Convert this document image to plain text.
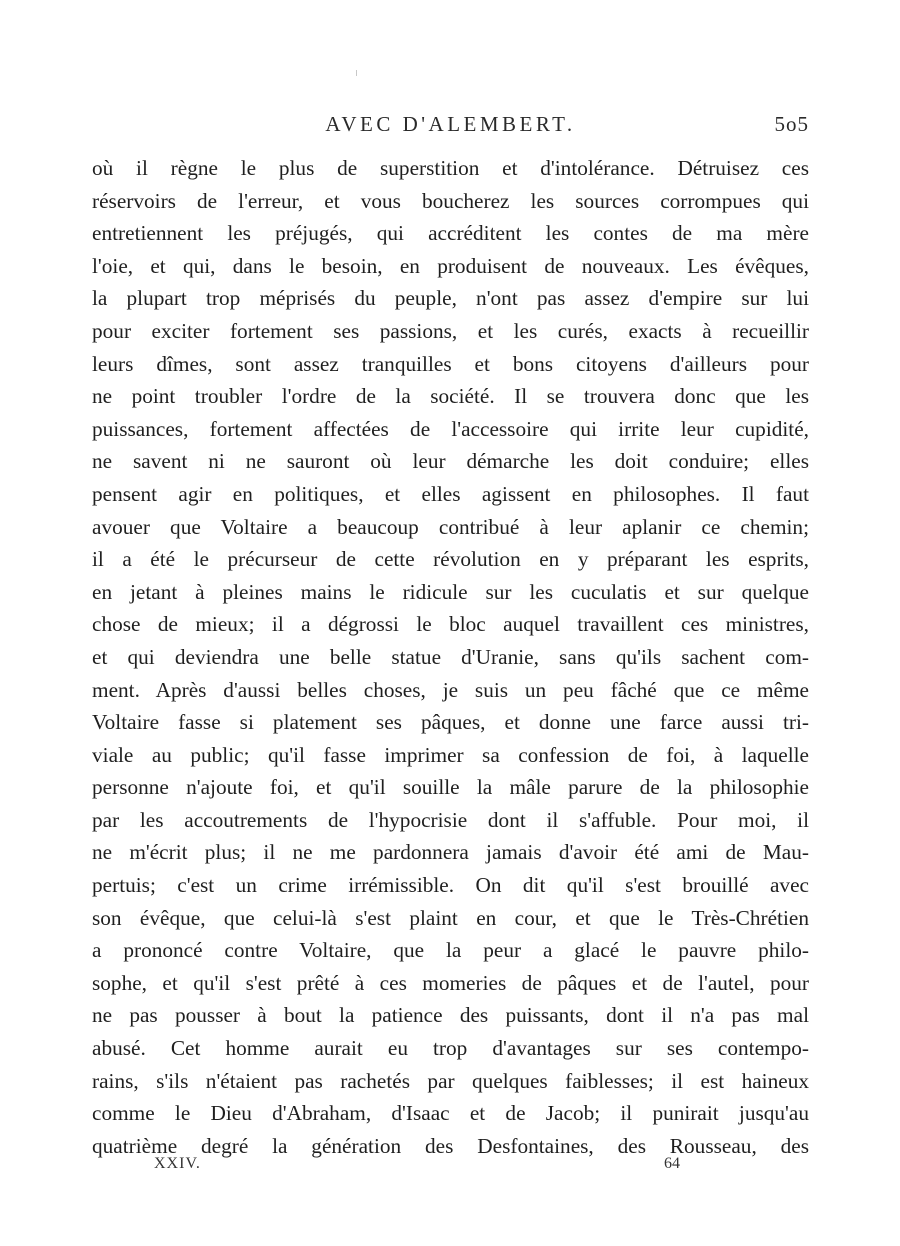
AVEC D'ALEMBERT.	5o5
où il règne le plus de superstition et d'intolérance. Détruisez ces
réservoirs de l'erreur, et vous boucherez les sources corrompues qui
entretiennent les préjugés, qui accréditent les contes de ma mère
l'oie, et qui, dans le besoin, en produisent de nouveaux. Les évêques,
la plupart trop méprisés du peuple, n'ont pas assez d'empire sur lui
pour exciter fortement ses passions, et les curés, exacts à recueillir
leurs dîmes, sont assez tranquilles et bons citoyens d'ailleurs pour
ne point troubler l'ordre de la société. Il se trouvera donc que les
puissances, fortement affectées de l'accessoire qui irrite leur cupidité,
ne savent ni ne sauront où leur démarche les doit conduire; elles
pensent agir en politiques, et elles agissent en philosophes. Il faut
avouer que Voltaire a beaucoup contribué à leur aplanir ce chemin;
il a été le précurseur de cette révolution en y préparant les esprits,
en jetant à pleines mains le ridicule sur les cuculatis et sur quelque
chose de mieux; il a dégrossi le bloc auquel travaillent ces ministres,
et qui deviendra une belle statue d'Uranie, sans qu'ils sachent com-
ment. Après d'aussi belles choses, je suis un peu fâché que ce même
Voltaire fasse si platement ses pâques, et donne une farce aussi tri-
viale au public; qu'il fasse imprimer sa confession de foi, à laquelle
personne n'ajoute foi, et qu'il souille la mâle parure de la philosophie
par les accoutrements de l'hypocrisie dont il s'affuble. Pour moi, il
ne m'écrit plus; il ne me pardonnera jamais d'avoir été ami de Mau-
pertuis; c'est un crime irrémissible. On dit qu'il s'est brouillé avec
son évêque, que celui-là s'est plaint en cour, et que le Très-Chrétien
a prononcé contre Voltaire, que la peur a glacé le pauvre philo-
sophe, et qu'il s'est prêté à ces momeries de pâques et de l'autel, pour
ne pas pousser à bout la patience des puissants, dont il n'a pas mal
abusé. Cet homme aurait eu trop d'avantages sur ses contempo-
rains, s'ils n'étaient pas rachetés par quelques faiblesses; il est haineux
comme le Dieu d'Abraham, d'Isaac et de Jacob; il punirait jusqu'au
quatrième degré la génération des Desfontaines, des Rousseau, des
XXIV.	64
